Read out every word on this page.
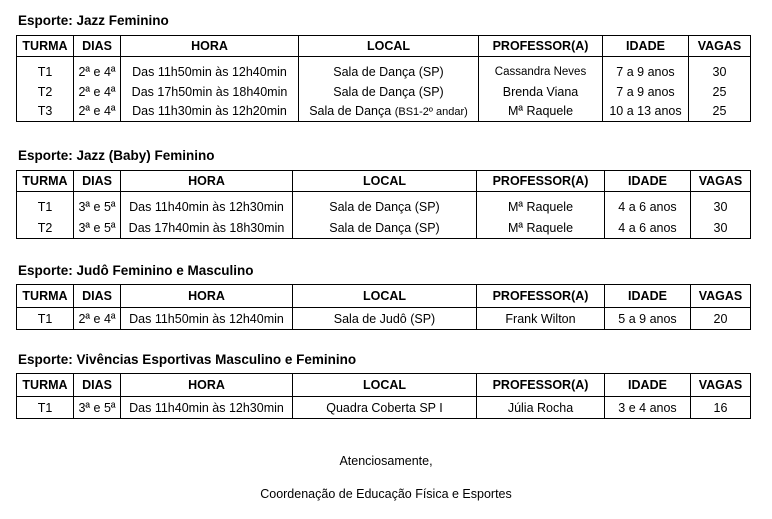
Esporte: Jazz Feminino
TURMA	DIAS	HORA	LOCAL	PROFESSOR(A)	IDADE	VAGAS
T1	2ª e 4ª	Das 11h50min às 12h40min	Sala de Dança (SP)	Cassandra Neves	7 a 9 anos	30
T2	2ª e 4ª	Das 17h50min às 18h40min	Sala de Dança (SP)	Brenda Viana	7 a 9 anos	25
T3	2ª e 4ª	Das 11h30min às 12h20min	Sala de Dança (BS1-2º andar)	Mª Raquele	10 a 13 anos	25
Esporte: Jazz (Baby) Feminino
TURMA	DIAS	HORA	LOCAL	PROFESSOR(A)	IDADE	VAGAS
T1	3ª e 5ª	Das 11h40min às 12h30min	Sala de Dança (SP)	Mª Raquele	4 a 6 anos	30
T2	3ª e 5ª	Das 17h40min às 18h30min	Sala de Dança (SP)	Mª Raquele	4 a 6 anos	30
Esporte: Judô Feminino e Masculino
TURMA	DIAS	HORA	LOCAL	PROFESSOR(A)	IDADE	VAGAS
T1	2ª e 4ª	Das 11h50min às 12h40min	Sala de Judô (SP)	Frank Wilton	5 a 9 anos	20
Esporte: Vivências Esportivas Masculino e Feminino
TURMA	DIAS	HORA	LOCAL	PROFESSOR(A)	IDADE	VAGAS
T1	3ª e 5ª	Das 11h40min às 12h30min	Quadra Coberta SP I	Júlia Rocha	3 e 4 anos	16
Atenciosamente,
Coordenação de Educação Física e Esportes
